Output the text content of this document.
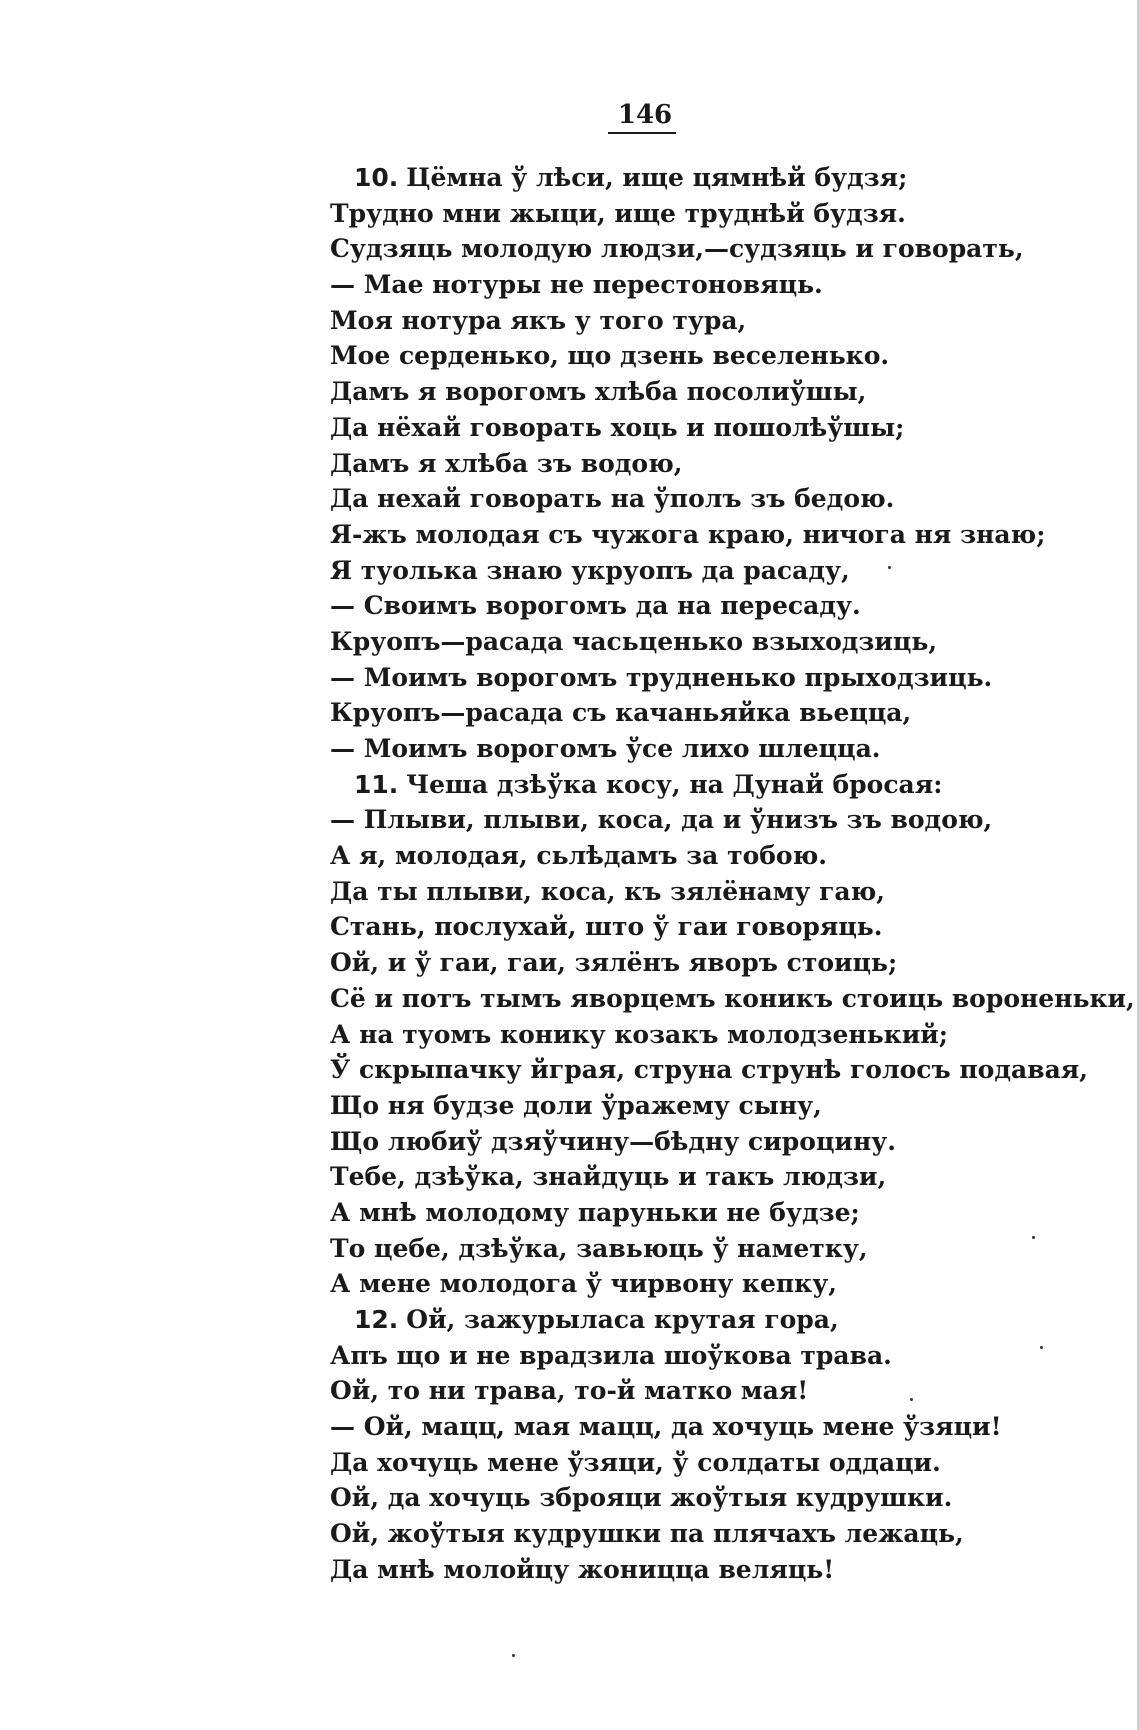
146
10. Цёмна ў лѣси, ище цямнѣй будзя;
Трудно мни жыци, ище труднѣй будзя.
Судзяць молодую людзи,—судзяць и говорать,
— Мае нотуры не перестоновяць.
Моя нотура якъ у того тура,
Мое серденько, що дзень веселенько.
Дамъ я ворогомъ хлѣба посолиўшы,
Да нёхай говорать хоць и пошолѣўшы;
Дамъ я хлѣба зъ водою,
Да нехай говорать на ўполъ зъ бедою.
Я-жъ молодая съ чужога краю, ничога ня знаю;
Я туолька знаю укруопъ да расаду,
— Своимъ ворогомъ да на пересаду.
Круопъ—расада часьценько взыходзиць,
— Моимъ ворогомъ трудненько прыходзиць.
Круопъ—расада съ качаньяйка вьецца,
— Моимъ ворогомъ ўсе лихо шлецца.
11. Чеша дзѣўка косу, на Дунай бросая:
— Плыви, плыви, коса, да и ўнизъ зъ водою,
А я, молодая, сьлѣдамъ за тобою.
Да ты плыви, коса, къ зялёнаму гаю,
Стань, послухай, што ў гаи говоряць.
Ой, и ў гаи, гаи, зялёнъ яворъ стоиць;
Сё и потъ тымъ яворцемъ коникъ стоиць вороненьки,
А на туомъ конику козакъ молодзенький;
Ў скрыпачку йграя, струна струнѣ голосъ подавая,
Що ня будзе доли ўражему сыну,
Що любиў дзяўчину—бѣдну сироцину.
Тебе, дзѣўка, знайдуць и такъ людзи,
А мнѣ молодому паруньки не будзе;
То цебе, дзѣўка, завьюць ў наметку,
А мене молодога ў чирвону кепку,
12. Ой, зажурылаcа крутая гора,
Апъ що и не врадзила шоўкова трава.
Ой, то ни трава, то-й матко мая!
— Ой, мацц, мая мацц, да хочуць мене ўзяци!
Да хочуць мене ўзяци, ў солдаты оддаци.
Ой, да хочуць зброяци жоўтыя кудрушки.
Ой, жоўтыя кудрушки па плячахъ лежаць,
Да мнѣ молойцу жоницца веляць!
